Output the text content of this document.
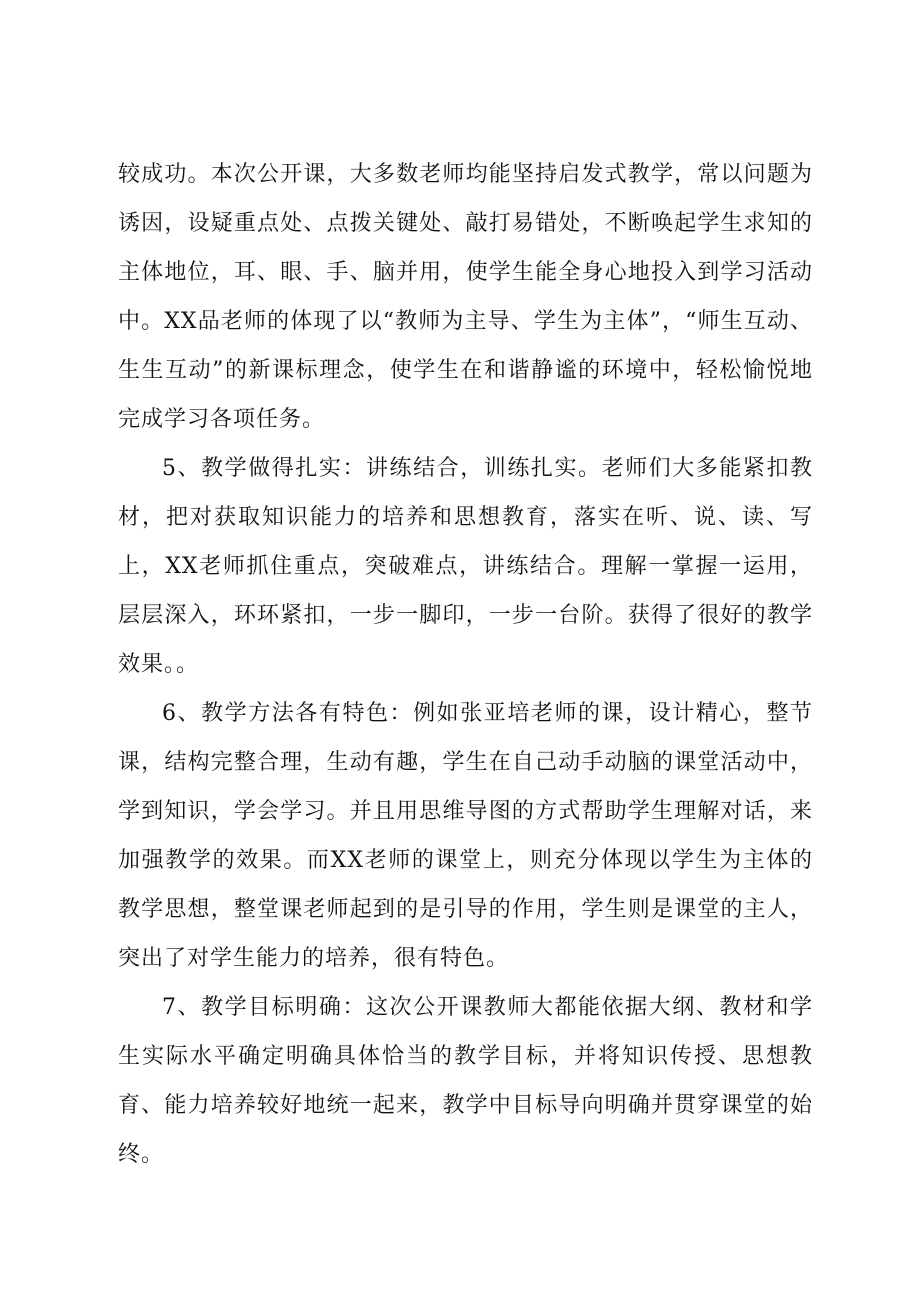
较成功。本次公开课，大多数老师均能坚持启发式教学，常以问题为诱因，设疑重点处、点拨关键处、敲打易错处，不断唤起学生求知的主体地位，耳、眼、手、脑并用，使学生能全身心地投入到学习活动中。XX品老师的体现了以“教师为主导、学生为主体”，“师生互动、生生互动”的新课标理念，使学生在和谐静谧的环境中，轻松愉悦地完成学习各项任务。

5、教学做得扎实：讲练结合，训练扎实。老师们大多能紧扣教材，把对获取知识能力的培养和思想教育，落实在听、说、读、写上，XX老师抓住重点，突破难点，讲练结合。理解一掌握一运用，层层深入，环环紧扣，一步一脚印，一步一台阶。获得了很好的教学效果。。

6、教学方法各有特色：例如张亚培老师的课，设计精心，整节课，结构完整合理，生动有趣，学生在自己动手动脑的课堂活动中，学到知识，学会学习。并且用思维导图的方式帮助学生理解对话，来加强教学的效果。而XX老师的课堂上，则充分体现以学生为主体的教学思想，整堂课老师起到的是引导的作用，学生则是课堂的主人，突出了对学生能力的培养，很有特色。

7、教学目标明确：这次公开课教师大都能依据大纲、教材和学生实际水平确定明确具体恰当的教学目标，并将知识传授、思想教育、能力培养较好地统一起来，教学中目标导向明确并贯穿课堂的始终。
